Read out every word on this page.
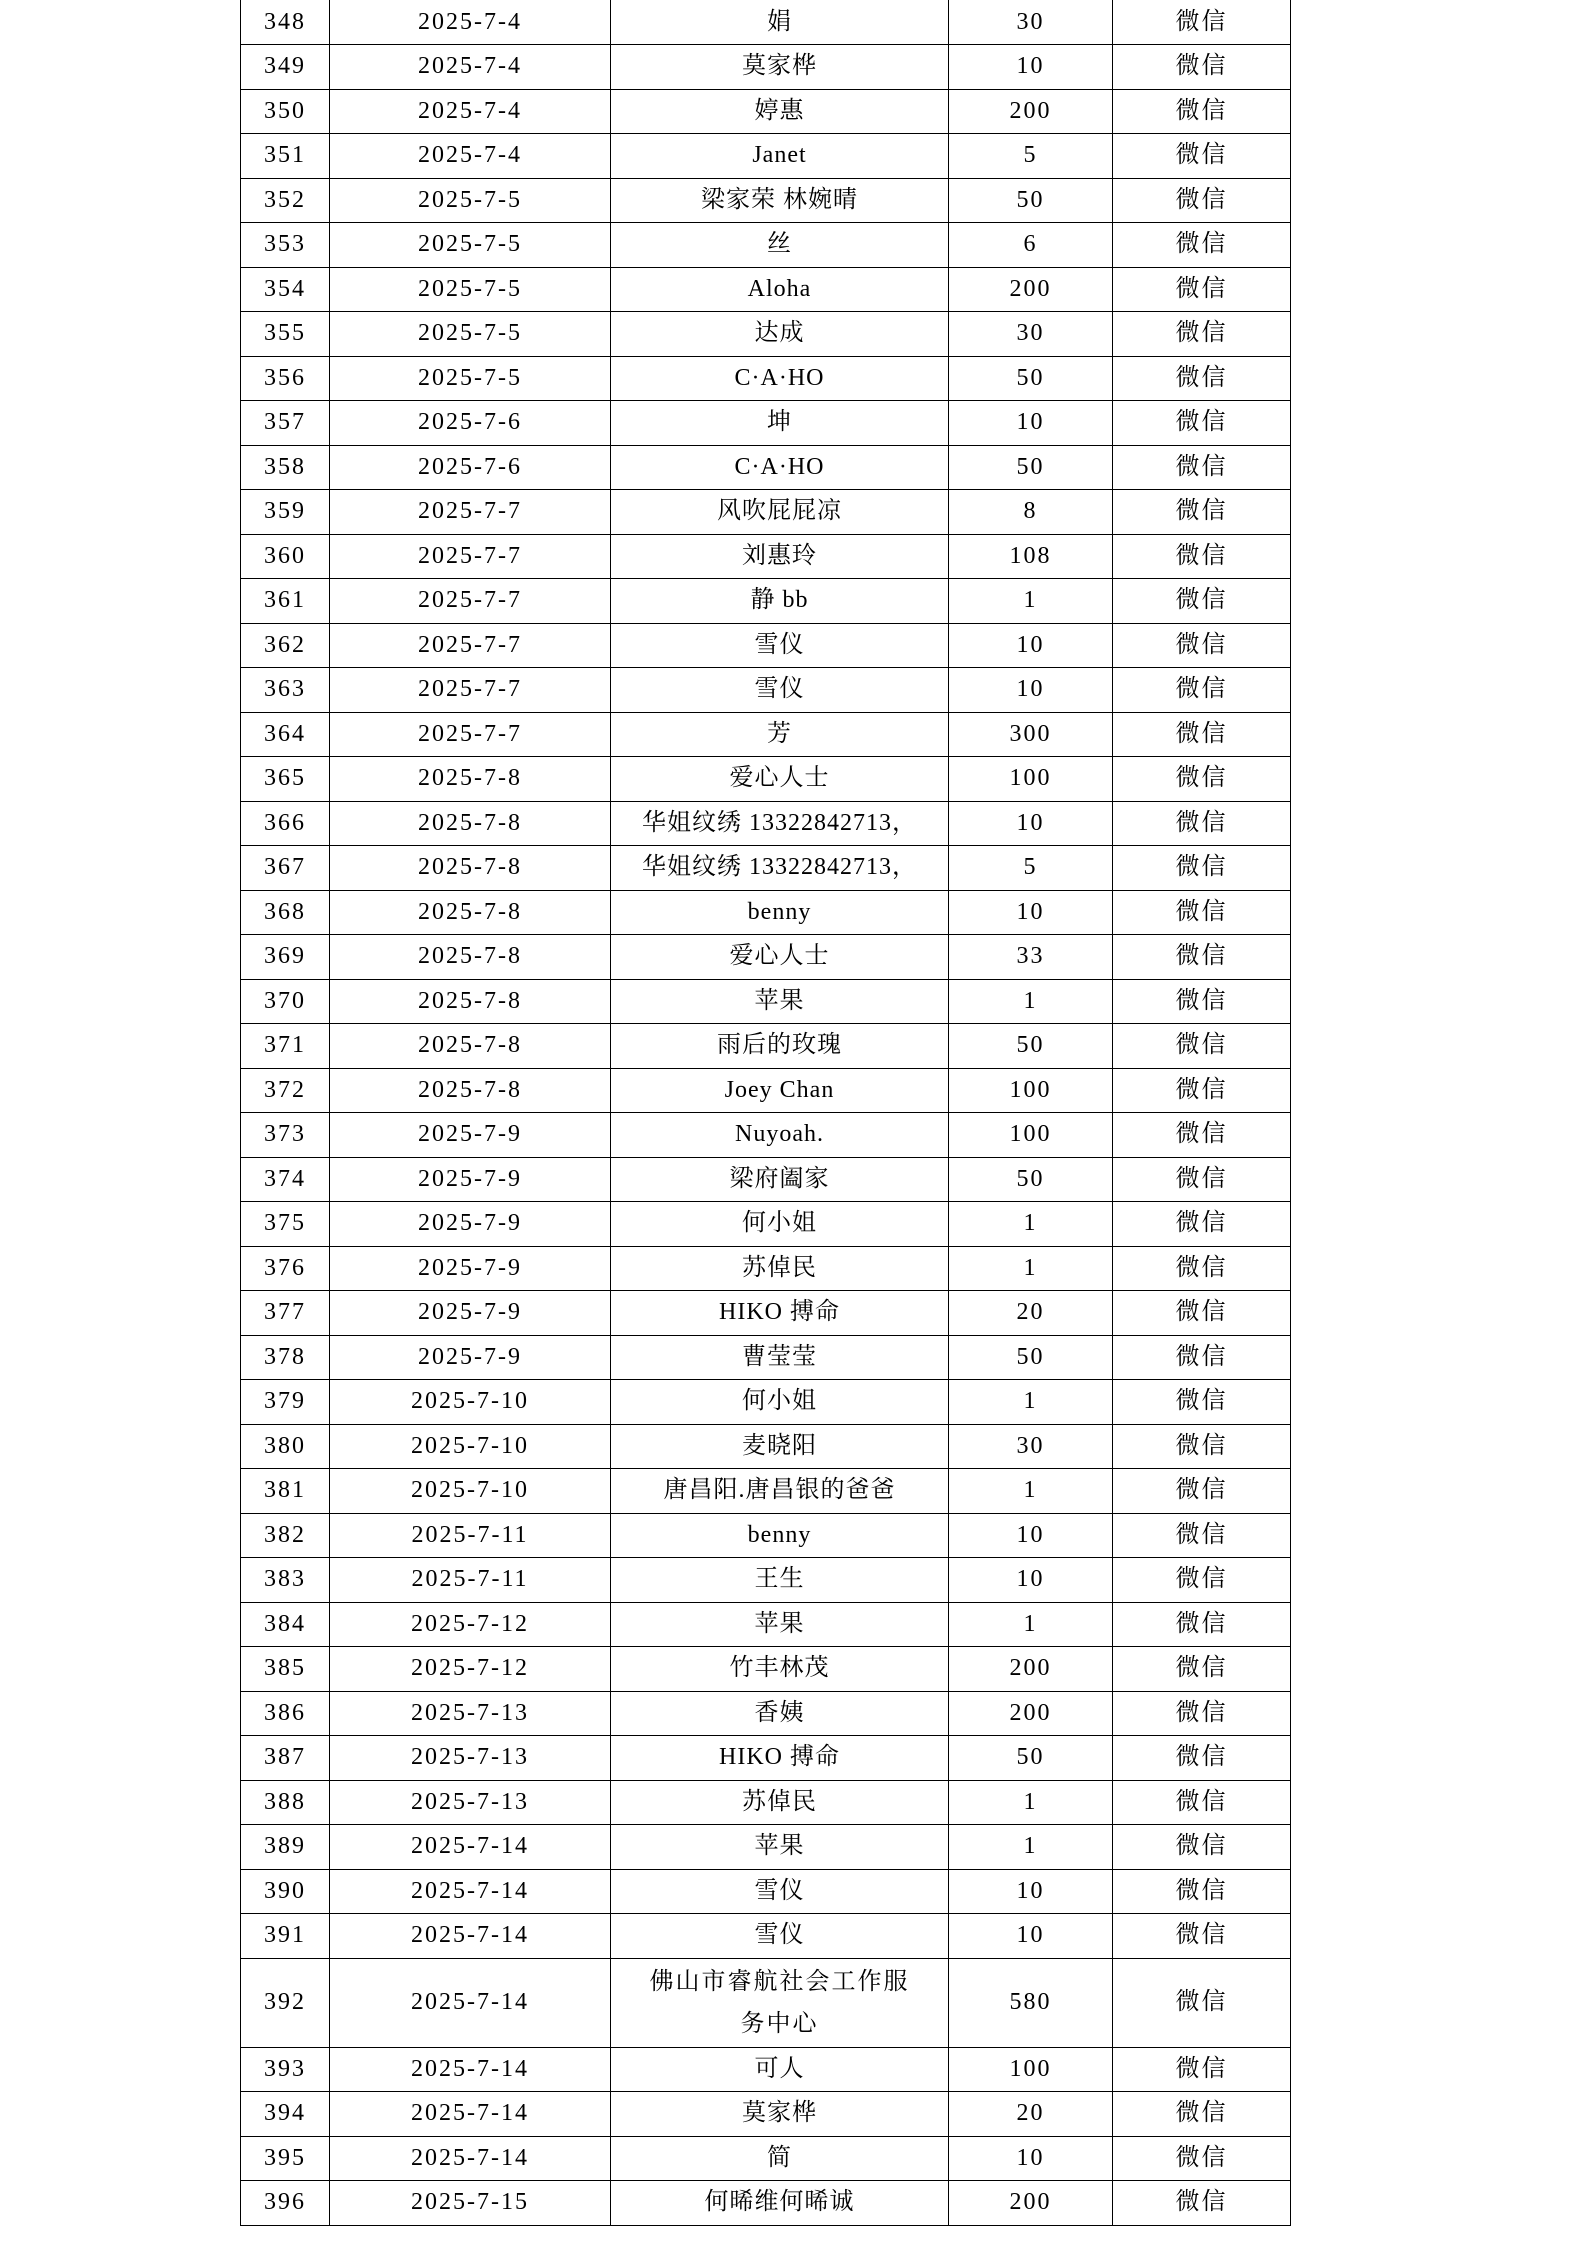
348	2025-7-4	娟	30	微信
349	2025-7-4	莫家桦	10	微信
350	2025-7-4	婷惠	200	微信
351	2025-7-4	Janet	5	微信
352	2025-7-5	梁家荣 林婉晴	50	微信
353	2025-7-5	丝	6	微信
354	2025-7-5	Aloha	200	微信
355	2025-7-5	达成	30	微信
356	2025-7-5	C·A·HO	50	微信
357	2025-7-6	坤	10	微信
358	2025-7-6	C·A·HO	50	微信
359	2025-7-7	风吹屁屁凉	8	微信
360	2025-7-7	刘惠玲	108	微信
361	2025-7-7	静 bb	1	微信
362	2025-7-7	雪仪	10	微信
363	2025-7-7	雪仪	10	微信
364	2025-7-7	芳	300	微信
365	2025-7-8	爱心人士	100	微信
366	2025-7-8	华姐纹绣 13322842713，	10	微信
367	2025-7-8	华姐纹绣 13322842713，	5	微信
368	2025-7-8	benny	10	微信
369	2025-7-8	爱心人士	33	微信
370	2025-7-8	苹果	1	微信
371	2025-7-8	雨后的玫瑰	50	微信
372	2025-7-8	Joey Chan	100	微信
373	2025-7-9	Nuyoah.	100	微信
374	2025-7-9	梁府阖家	50	微信
375	2025-7-9	何小姐	1	微信
376	2025-7-9	苏倬民	1	微信
377	2025-7-9	HIKO 搏命	20	微信
378	2025-7-9	曹莹莹	50	微信
379	2025-7-10	何小姐	1	微信
380	2025-7-10	麦晓阳	30	微信
381	2025-7-10	唐昌阳.唐昌银的爸爸	1	微信
382	2025-7-11	benny	10	微信
383	2025-7-11	王生	10	微信
384	2025-7-12	苹果	1	微信
385	2025-7-12	竹丰林茂	200	微信
386	2025-7-13	香姨	200	微信
387	2025-7-13	HIKO 搏命	50	微信
388	2025-7-13	苏倬民	1	微信
389	2025-7-14	苹果	1	微信
390	2025-7-14	雪仪	10	微信
391	2025-7-14	雪仪	10	微信
392	2025-7-14	佛山市睿航社会工作服务中心	580	微信
393	2025-7-14	可人	100	微信
394	2025-7-14	莫家桦	20	微信
395	2025-7-14	简	10	微信
396	2025-7-15	何晞维何晞诚	200	微信
